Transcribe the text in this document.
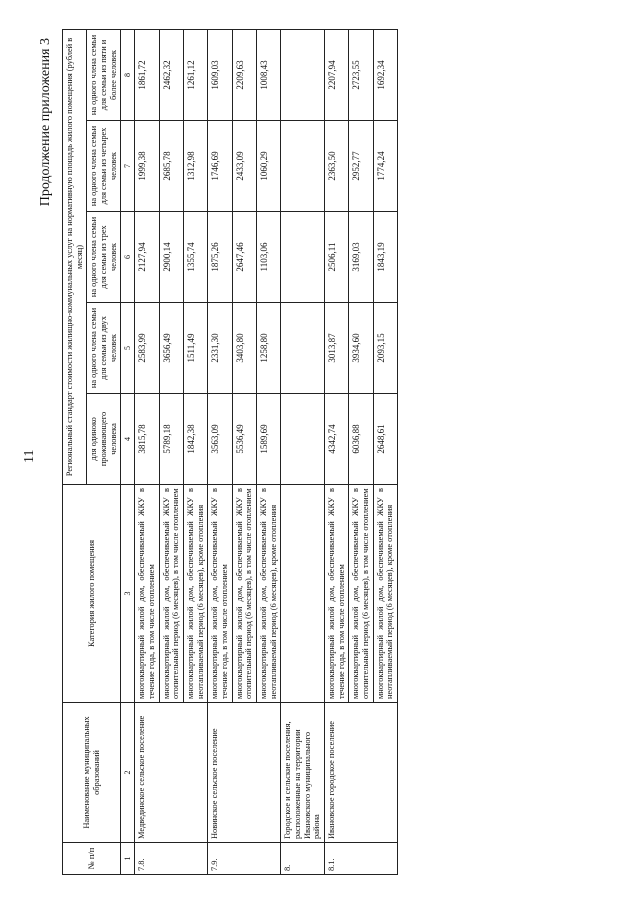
11
Продолжение приложения 3
№ п/п	Наименование муниципальных образований	Категория жилого помещения	Региональный стандарт стоимости жилищно-коммунальных услуг на нормативную площадь жилого помещения (рублей в месяц)				
			для одиноко проживающего человека	на одного члена семьи для семьи из двух человек	на одного члена семьи для семьи из трех человек	на одного члена семьи для семьи из четырех человек	на одного члена семьи для семьи из пяти и более человек
1	2	3	4	5	6	7	8
7.8.	Медвединское сельское поселение	многоквартирный жилой дом, обеспечиваемый ЖКУ в течение года, в том числе отоплением	3815,78	2583,99	2127,94	1999,38	1861,72
		многоквартирный жилой дом, обеспечиваемый ЖКУ в отопительный период (6 месяцев), в том числе отоплением	5789,18	3656,49	2900,14	2685,78	2462,32
		многоквартирный жилой дом, обеспечиваемый ЖКУ в неотапливаемый период (6 месяцев), кроме отопления	1842,38	1511,49	1355,74	1312,98	1261,12
7.9.	Новинское сельское поселение	многоквартирный жилой дом, обеспечиваемый ЖКУ в течение года, в том числе отоплением	3563,09	2331,30	1875,26	1746,69	1609,03
		многоквартирный жилой дом, обеспечиваемый ЖКУ в отопительный период (6 месяцев), в том числе отоплением	5536,49	3403,80	2647,46	2433,09	2209,63
		многоквартирный жилой дом, обеспечиваемый ЖКУ в неотапливаемый период (6 месяцев), кроме отопления	1589,69	1258,80	1103,06	1060,29	1008,43
8.	Городское и сельские поселения, расположенные на территории Ивановского муниципального района						
8.1.	Ивановское городское поселение	многоквартирный жилой дом, обеспечиваемый ЖКУ в течение года, в том числе отоплением	4342,74	3013,87	2506,11	2363,50	2207,94
		многоквартирный жилой дом, обеспечиваемый ЖКУ в отопительный период (6 месяцев), в том числе отоплением	6036,88	3934,60	3169,03	2952,77	2723,55
		многоквартирный жилой дом, обеспечиваемый ЖКУ в неотапливаемый период (6 месяцев), кроме отопления	2648,61	2093,15	1843,19	1774,24	1692,34
